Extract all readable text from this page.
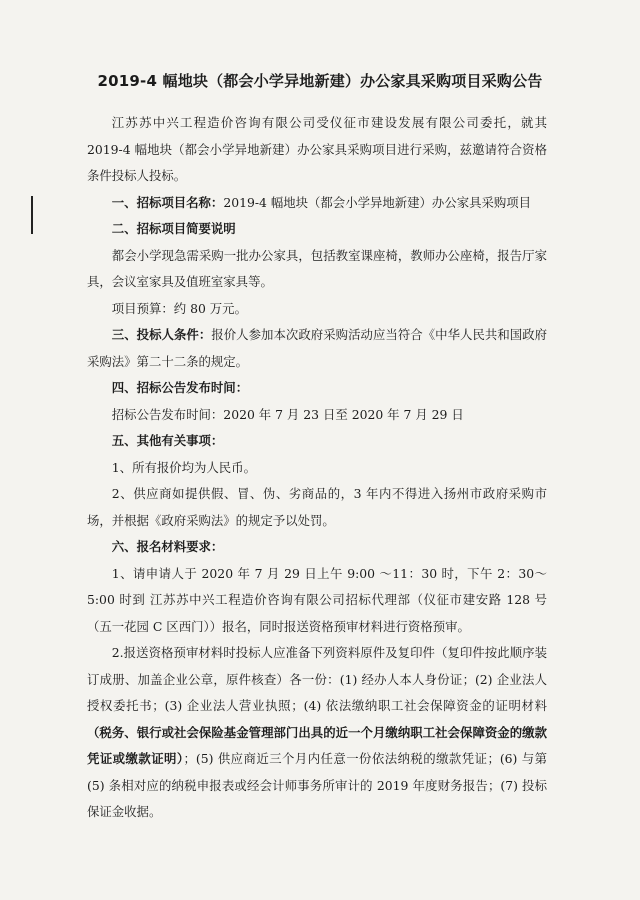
2019-4 幅地块（都会小学异地新建）办公家具采购项目采购公告

江苏苏中兴工程造价咨询有限公司受仪征市建设发展有限公司委托，就其 2019-4 幅地块（都会小学异地新建）办公家具采购项目进行采购，兹邀请符合资格条件投标人投标。

一、招标项目名称：2019-4 幅地块（都会小学异地新建）办公家具采购项目

二、招标项目简要说明

都会小学现急需采购一批办公家具，包括教室课座椅，教师办公座椅，报告厅家具，会议室家具及值班室家具等。

项目预算：约 80 万元。

三、投标人条件：报价人参加本次政府采购活动应当符合《中华人民共和国政府采购法》第二十二条的规定。

四、招标公告发布时间：

招标公告发布时间：2020 年 7 月 23 日至 2020 年 7 月 29 日

五、其他有关事项：

1、所有报价均为人民币。

2、供应商如提供假、冒、伪、劣商品的，3 年内不得进入扬州市政府采购市场，并根据《政府采购法》的规定予以处罚。

六、报名材料要求：

1、请申请人于 2020 年 7 月 29 日上午 9:00 ～11：30 时，下午 2：30～5:00 时到 江苏苏中兴工程造价咨询有限公司招标代理部（仪征市建安路 128 号（五一花园 C 区西门））报名，同时报送资格预审材料进行资格预审。

2.报送资格预审材料时投标人应准备下列资料原件及复印件（复印件按此顺序装订成册、加盖企业公章，原件核查）各一份：(1) 经办人本人身份证；(2) 企业法人授权委托书；(3) 企业法人营业执照；(4) 依法缴纳职工社会保障资金的证明材料（税务、银行或社会保险基金管理部门出具的近一个月缴纳职工社会保障资金的缴款凭证或缴款证明）；(5) 供应商近三个月内任意一份依法纳税的缴款凭证；(6) 与第 (5) 条相对应的纳税申报表或经会计师事务所审计的 2019 年度财务报告；(7) 投标保证金收据。
